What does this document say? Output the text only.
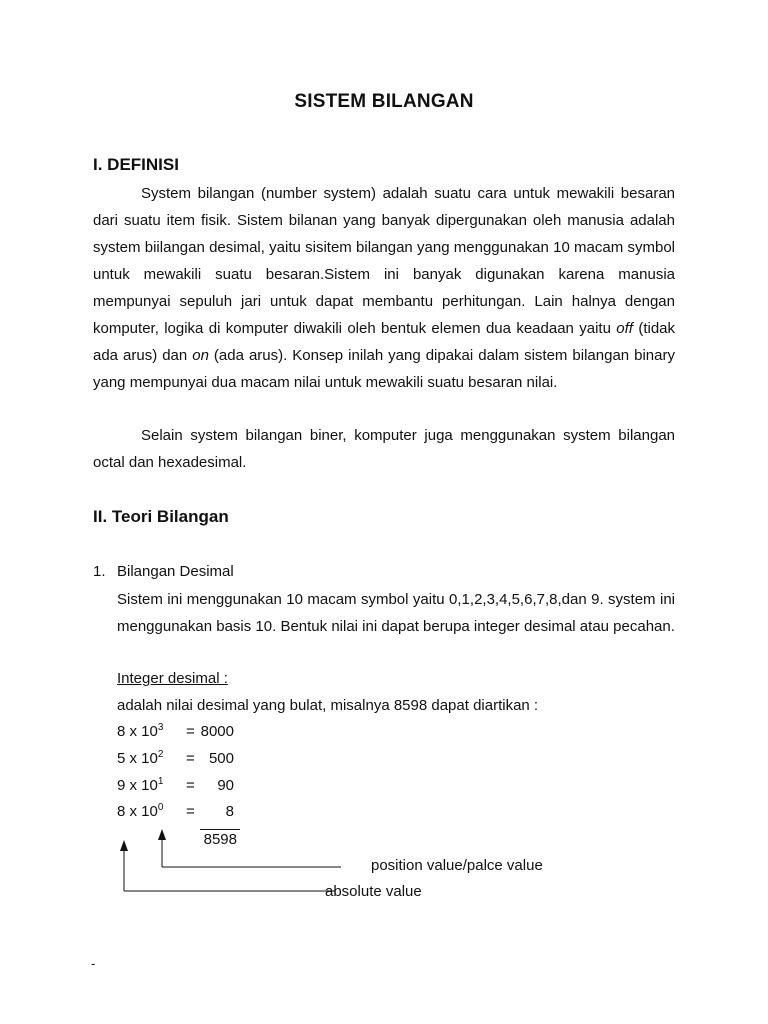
SISTEM BILANGAN
I. DEFINISI

System bilangan (number system) adalah suatu cara untuk mewakili besaran dari suatu item fisik. Sistem bilanan yang banyak dipergunakan oleh manusia adalah system biilangan desimal, yaitu sisitem bilangan yang menggunakan 10 macam symbol untuk mewakili suatu besaran.Sistem ini banyak digunakan karena manusia mempunyai sepuluh jari untuk dapat membantu perhitungan. Lain halnya dengan komputer, logika di komputer diwakili oleh bentuk elemen dua keadaan yaitu off (tidak ada arus) dan on (ada arus). Konsep inilah yang dipakai dalam sistem bilangan binary yang mempunyai dua macam nilai untuk mewakili suatu besaran nilai.

Selain system bilangan biner, komputer juga menggunakan system bilangan octal dan hexadesimal.

II. Teori Bilangan
1. Bilangan Desimal

Sistem ini menggunakan 10 macam symbol yaitu 0,1,2,3,4,5,6,7,8,dan 9. system ini menggunakan basis 10. Bentuk nilai ini dapat berupa integer desimal atau pecahan.

Integer desimal :
adalah nilai desimal yang bulat, misalnya 8598 dapat diartikan :
8 x $10^3 = 8000$
5 x $10^2 = 500$
9 x $10^1$ =	90
8 x $10^0$ =	8
8598
position value/palce value
absolute value
-
